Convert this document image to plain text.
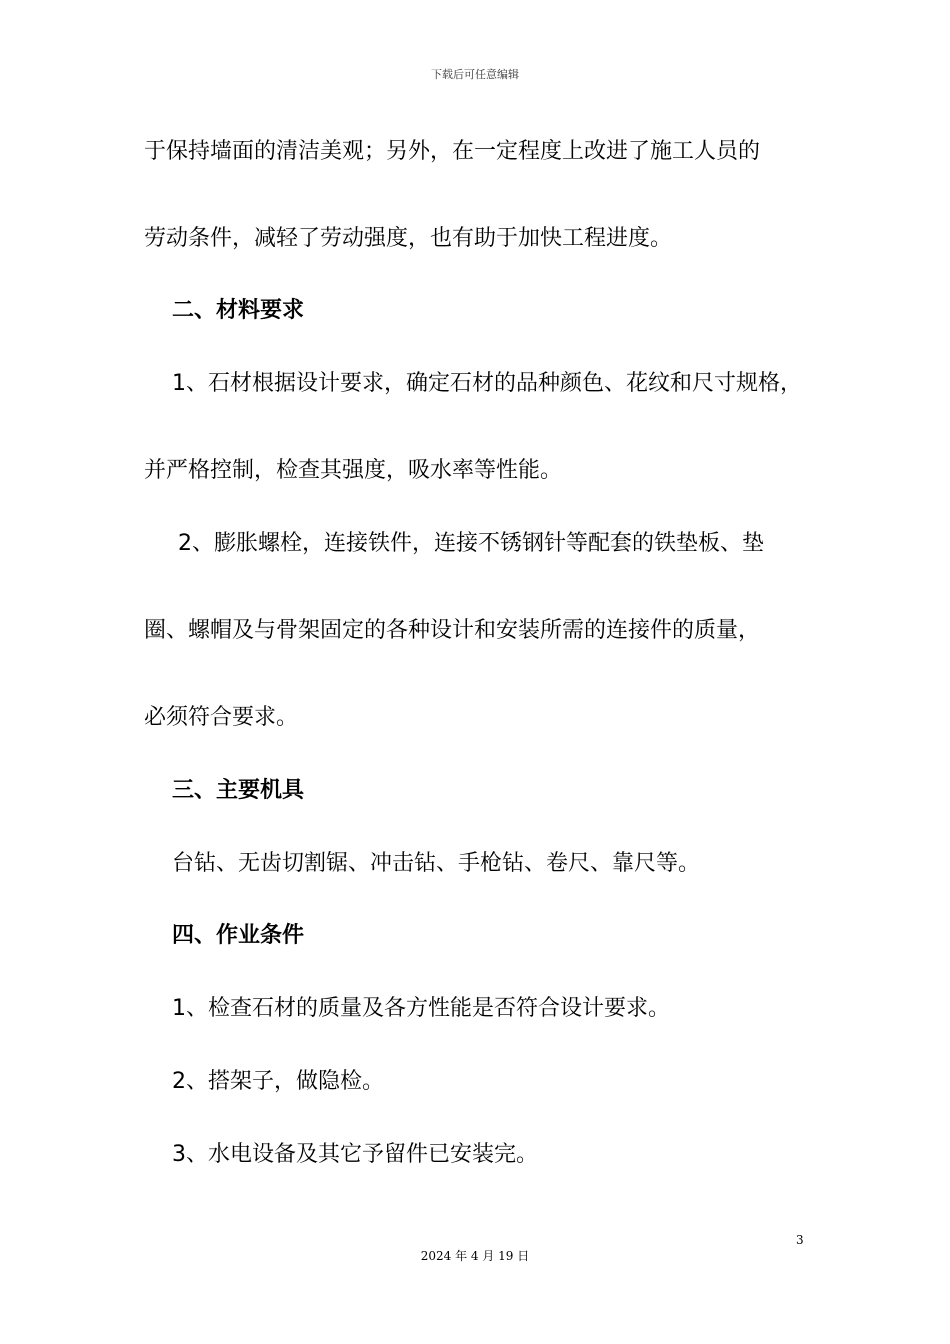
下载后可任意编辑
于保持墙面的清洁美观；另外，在一定程度上改进了施工人员的
劳动条件，减轻了劳动强度，也有助于加快工程进度。
二、材料要求
1、石材根据设计要求，确定石材的品种颜色、花纹和尺寸规格，
并严格控制，检查其强度，吸水率等性能。
2、膨胀螺栓，连接铁件，连接不锈钢针等配套的铁垫板、垫
圈、螺帽及与骨架固定的各种设计和安装所需的连接件的质量，
必须符合要求。
三、主要机具
台钻、无齿切割锯、冲击钻、手枪钻、卷尺、靠尺等。
四、作业条件
1、检查石材的质量及各方性能是否符合设计要求。
2、搭架子，做隐检。
3、水电设备及其它予留件已安装完。
3
2024 年 4 月 19 日
